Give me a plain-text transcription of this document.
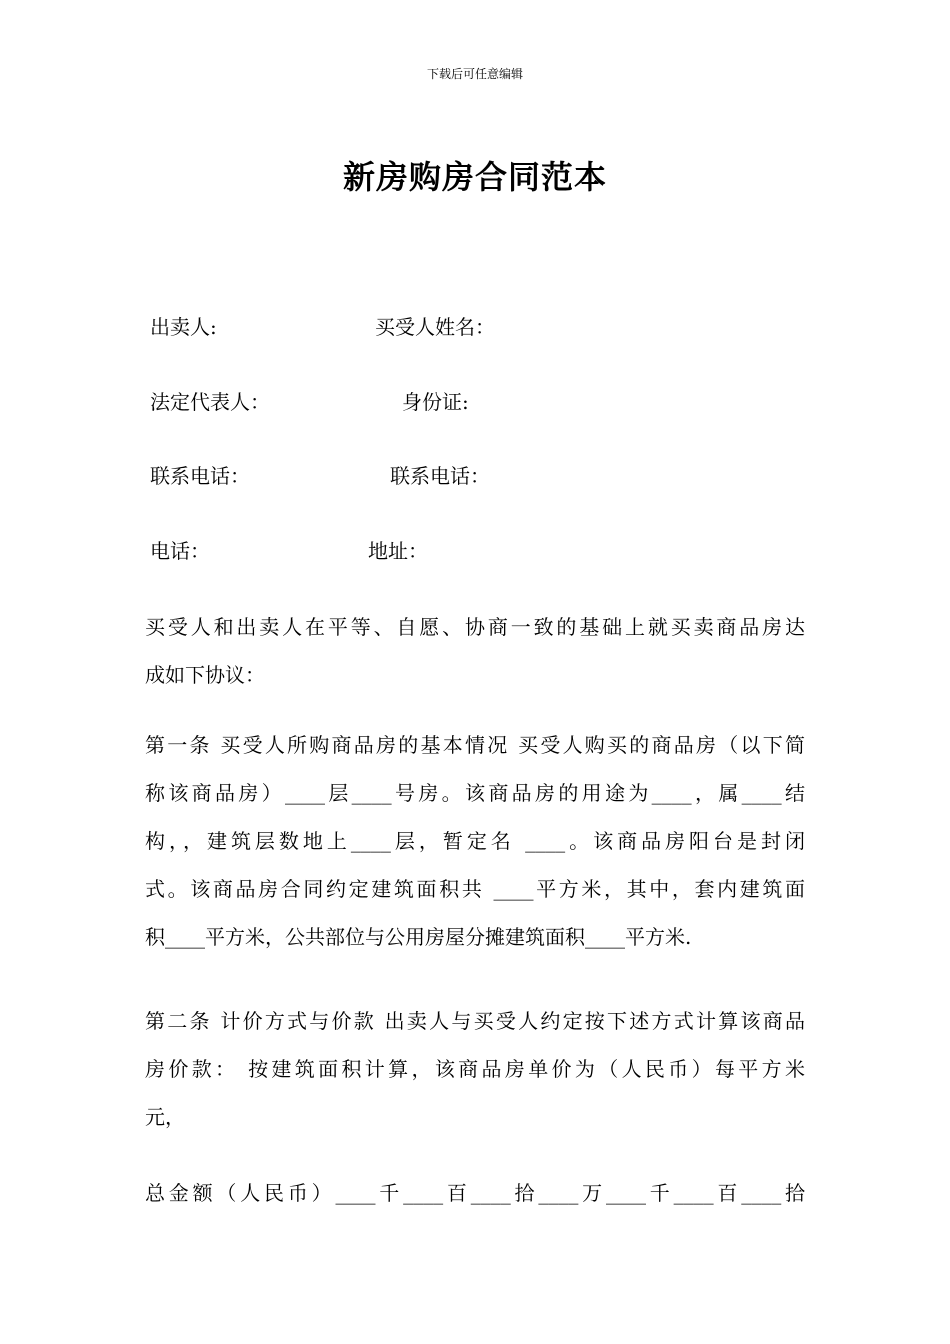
下载后可任意编辑
新房购房合同范本
出卖人:	买受人姓名：
法定代表人：	身份证:
联系电话：	联系电话：
电话：	地址：
买受人和出卖人在平等、自愿、协商一致的基础上就买卖商品房达
成如下协议：
第一条 买受人所购商品房的基本情况 买受人购买的商品房（以下简
称该商品房）____层____号房。该商品房的用途为____，属____结
构，，建筑层数地上____层，暂定名 ____。该商品房阳台是封闭
式。该商品房合同约定建筑面积共 ____平方米，其中，套内建筑面
积____平方米，公共部位与公用房屋分摊建筑面积____平方米.
第二条 计价方式与价款 出卖人与买受人约定按下述方式计算该商品
房价款： 按建筑面积计算，该商品房单价为（人民币）每平方米
元，
总金额（人民币）____千____百____拾____万____千____百____拾
